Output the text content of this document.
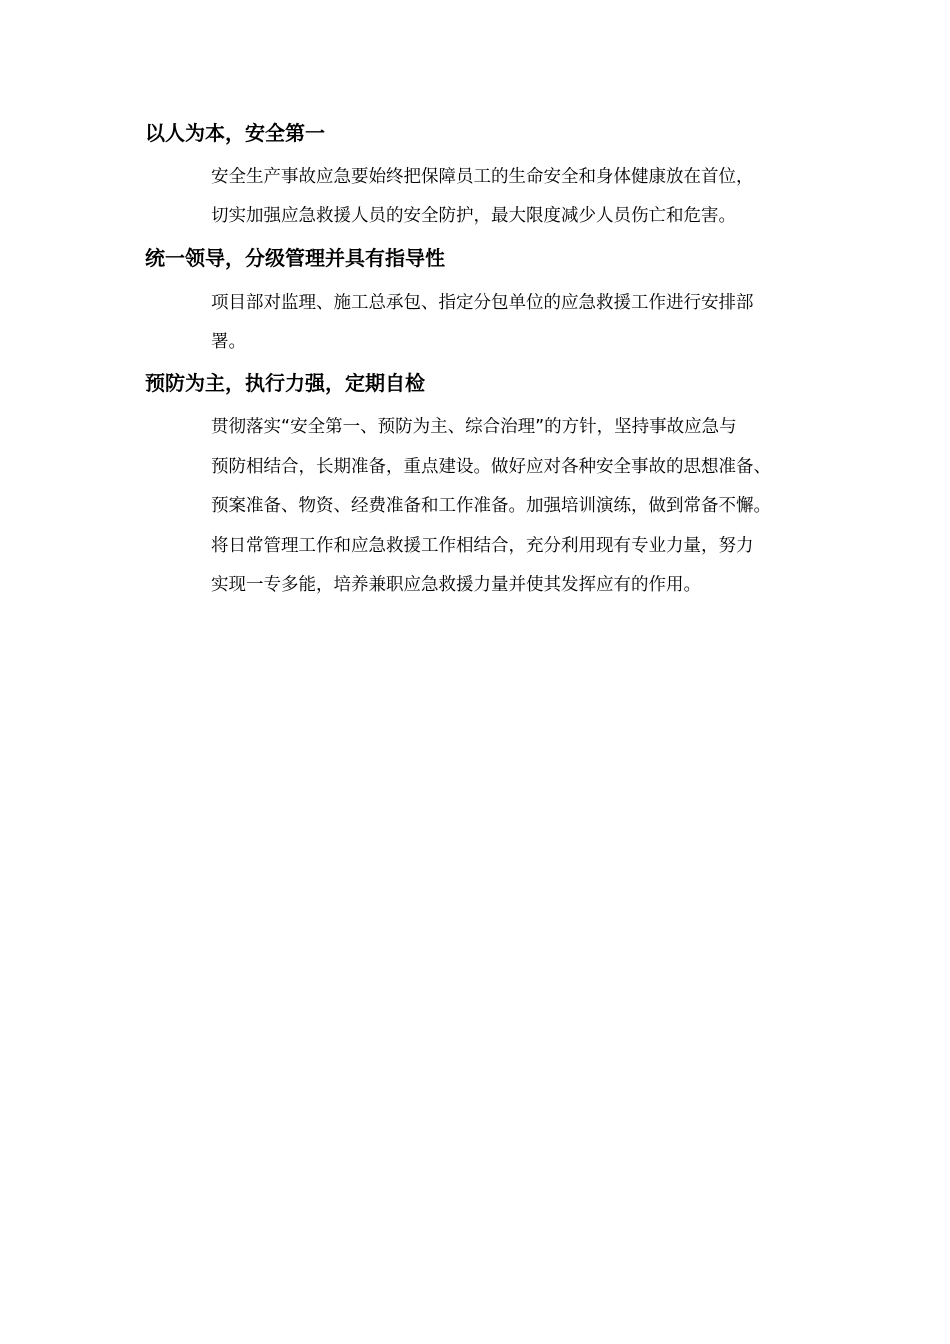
以人为本，安全第一
安全生产事故应急要始终把保障员工的生命安全和身体健康放在首位，
切实加强应急救援人员的安全防护，最大限度减少人员伤亡和危害。
统一领导，分级管理并具有指导性
项目部对监理、施工总承包、指定分包单位的应急救援工作进行安排部
署。
预防为主，执行力强，定期自检
贯彻落实“安全第一、预防为主、综合治理”的方针，坚持事故应急与
预防相结合，长期准备，重点建设。做好应对各种安全事故的思想准备、
预案准备、物资、经费准备和工作准备。加强培训演练，做到常备不懈。
将日常管理工作和应急救援工作相结合，充分利用现有专业力量，努力
实现一专多能，培养兼职应急救援力量并使其发挥应有的作用。
